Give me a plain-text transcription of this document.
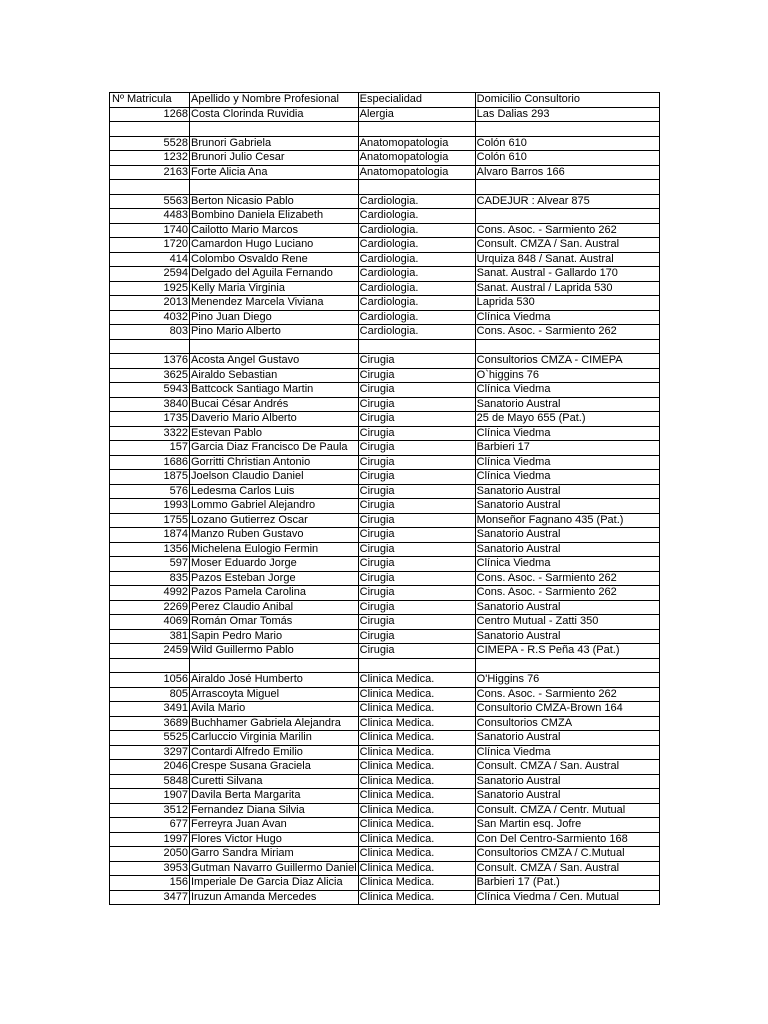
Nº Matricula	Apellido y Nombre Profesional	Especialidad	Domicilio Consultorio
1268	Costa Clorinda Ruvidia	Alergia	Las Dalias 293

5528	Brunori Gabriela	Anatomopatologia	Colón 610
1232	Brunori Julio Cesar	Anatomopatologia	Colón 610
2163	Forte Alicia Ana	Anatomopatologia	Alvaro Barros 166

5563	Berton Nicasio Pablo	Cardiologia.	CADEJUR : Alvear 875
4483	Bombino Daniela Elizabeth	Cardiologia.	
1740	Cailotto Mario Marcos	Cardiologia.	Cons. Asoc. - Sarmiento 262
1720	Camardon Hugo Luciano	Cardiologia.	Consult. CMZA / San. Austral
414	Colombo Osvaldo Rene	Cardiologia.	Urquiza 848 / Sanat. Austral
2594	Delgado del Aguila Fernando	Cardiologia.	Sanat. Austral - Gallardo 170
1925	Kelly Maria Virginia	Cardiologia.	Sanat. Austral / Laprida 530
2013	Menendez Marcela Viviana	Cardiologia.	Laprida 530
4032	Pino Juan Diego	Cardiologia.	Clínica Viedma
803	Pino Mario Alberto	Cardiologia.	Cons. Asoc. - Sarmiento 262

1376	Acosta Angel Gustavo	Cirugia	Consultorios CMZA - CIMEPA
3625	Airaldo Sebastian	Cirugia	O`higgins 76
5943	Battcock Santiago Martin	Cirugia	Clínica Viedma
3840	Bucai César Andrés	Cirugia	Sanatorio Austral
1735	Daverio Mario Alberto	Cirugia	25 de Mayo 655 (Pat.)
3322	Estevan Pablo	Cirugia	Clínica Viedma
157	Garcia Diaz Francisco De Paula	Cirugia	Barbieri 17
1686	Gorritti Christian Antonio	Cirugia	Clínica Viedma
1875	Joelson Claudio Daniel	Cirugia	Clínica Viedma
576	Ledesma Carlos Luis	Cirugia	Sanatorio Austral
1993	Lommo Gabriel Alejandro	Cirugia	Sanatorio Austral
1755	Lozano Gutierrez Oscar	Cirugia	Monseñor Fagnano 435 (Pat.)
1874	Manzo Ruben Gustavo	Cirugia	Sanatorio Austral
1356	Michelena Eulogio Fermin	Cirugia	Sanatorio Austral
597	Moser Eduardo Jorge	Cirugia	Clínica Viedma
835	Pazos Esteban Jorge	Cirugia	Cons. Asoc. - Sarmiento 262
4992	Pazos Pamela Carolina	Cirugia	Cons. Asoc. - Sarmiento 262
2269	Perez Claudio Anibal	Cirugia	Sanatorio Austral
4069	Román Omar Tomás	Cirugia	Centro Mutual - Zatti 350
381	Sapin Pedro Mario	Cirugia	Sanatorio Austral
2459	Wild Guillermo Pablo	Cirugia	CIMEPA - R.S Peña 43 (Pat.)

1056	Airaldo José Humberto	Clinica Medica.	O'Higgins 76
805	Arrascoyta Miguel	Clinica Medica.	Cons. Asoc. - Sarmiento 262
3491	Avila Mario	Clinica Medica.	Consultorio CMZA-Brown 164
3689	Buchhamer Gabriela Alejandra	Clinica Medica.	Consultorios CMZA
5525	Carluccio Virginia Marilin	Clinica Medica.	Sanatorio Austral
3297	Contardi Alfredo Emilio	Clinica Medica.	Clínica Viedma
2046	Crespe Susana Graciela	Clinica Medica.	Consult. CMZA / San. Austral
5848	Curetti Silvana	Clinica Medica.	Sanatorio Austral
1907	Davila Berta Margarita	Clinica Medica.	Sanatorio Austral
3512	Fernandez Diana Silvia	Clinica Medica.	Consult. CMZA / Centr. Mutual
677	Ferreyra Juan Avan	Clinica Medica.	San Martin esq. Jofre
1997	Flores Victor Hugo	Clinica Medica.	Con Del Centro-Sarmiento 168
2050	Garro Sandra Miriam	Clinica Medica.	Consultorios CMZA / C.Mutual
3953	Gutman Navarro Guillermo Daniel	Clinica Medica.	Consult. CMZA / San. Austral
156	Imperiale De Garcia Diaz Alicia	Clinica Medica.	Barbieri 17 (Pat.)
3477	Iruzun Amanda Mercedes	Clinica Medica.	Clínica Viedma / Cen. Mutual
